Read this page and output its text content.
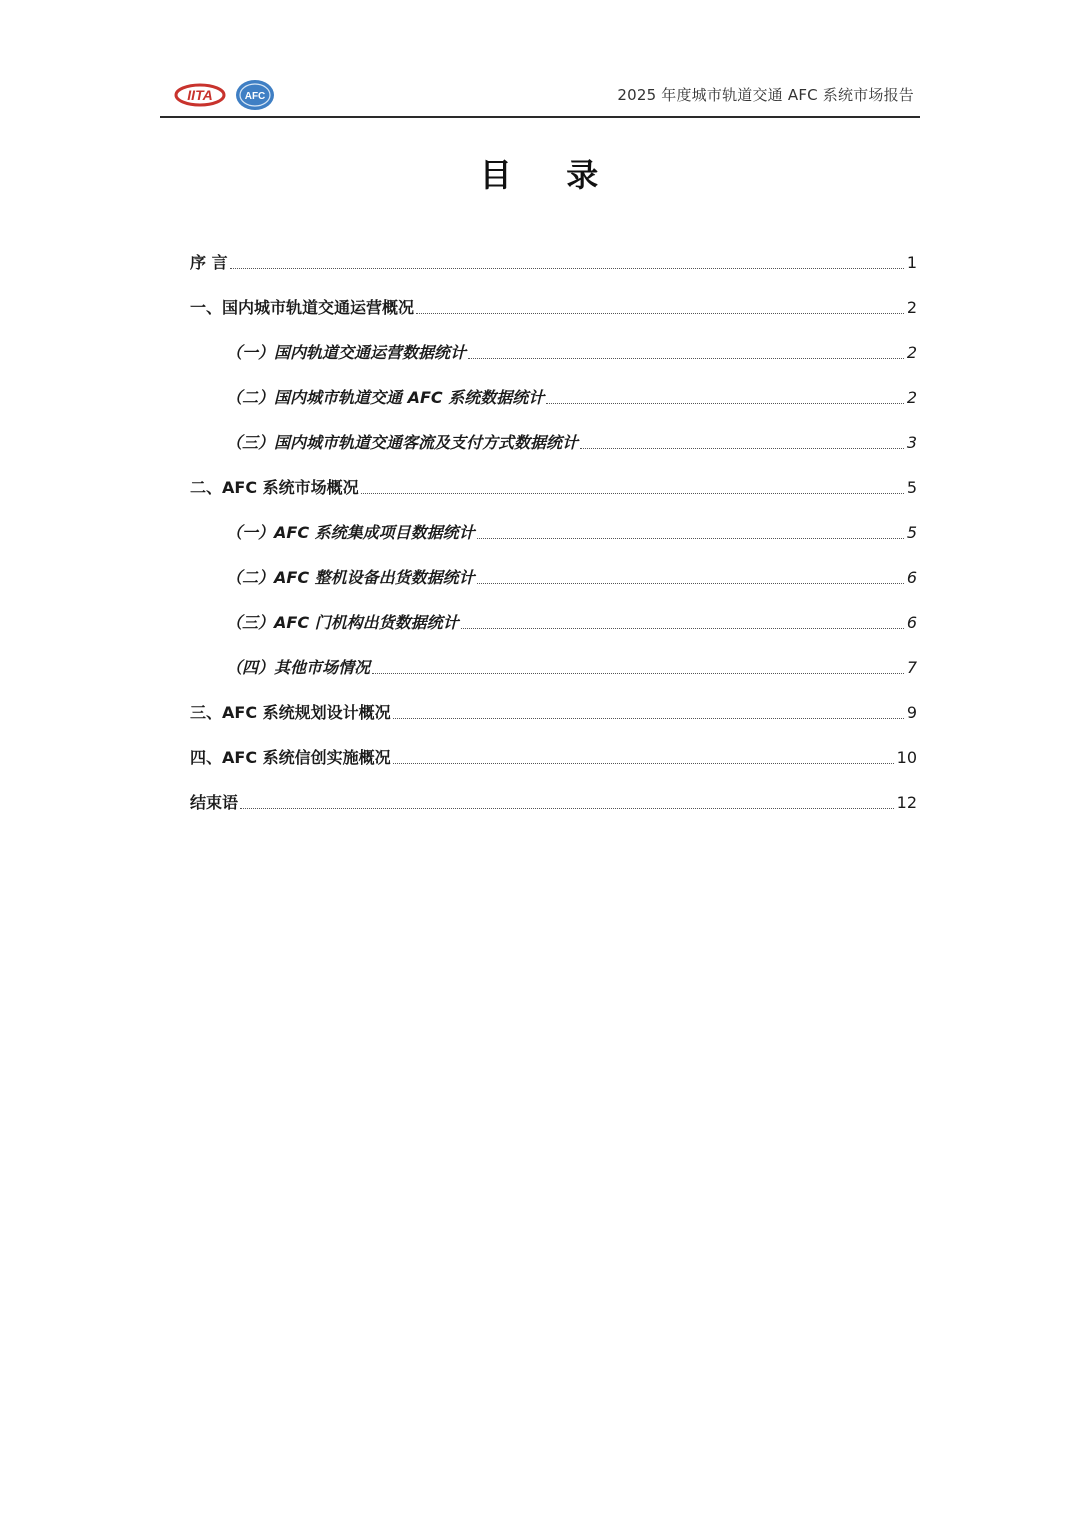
IITA	AFC	2025 年度城市轨道交通 AFC 系统市场报告
目    录
序 言	1
一、国内城市轨道交通运营概况	2
（一）国内轨道交通运营数据统计	2
（二）国内城市轨道交通 AFC 系统数据统计	2
（三）国内城市轨道交通客流及支付方式数据统计	3
二、AFC 系统市场概况	5
（一）AFC 系统集成项目数据统计	5
（二）AFC 整机设备出货数据统计	6
（三）AFC 门机构出货数据统计	6
（四）其他市场情况	7
三、AFC 系统规划设计概况	9
四、AFC 系统信创实施概况	10
结束语	12
